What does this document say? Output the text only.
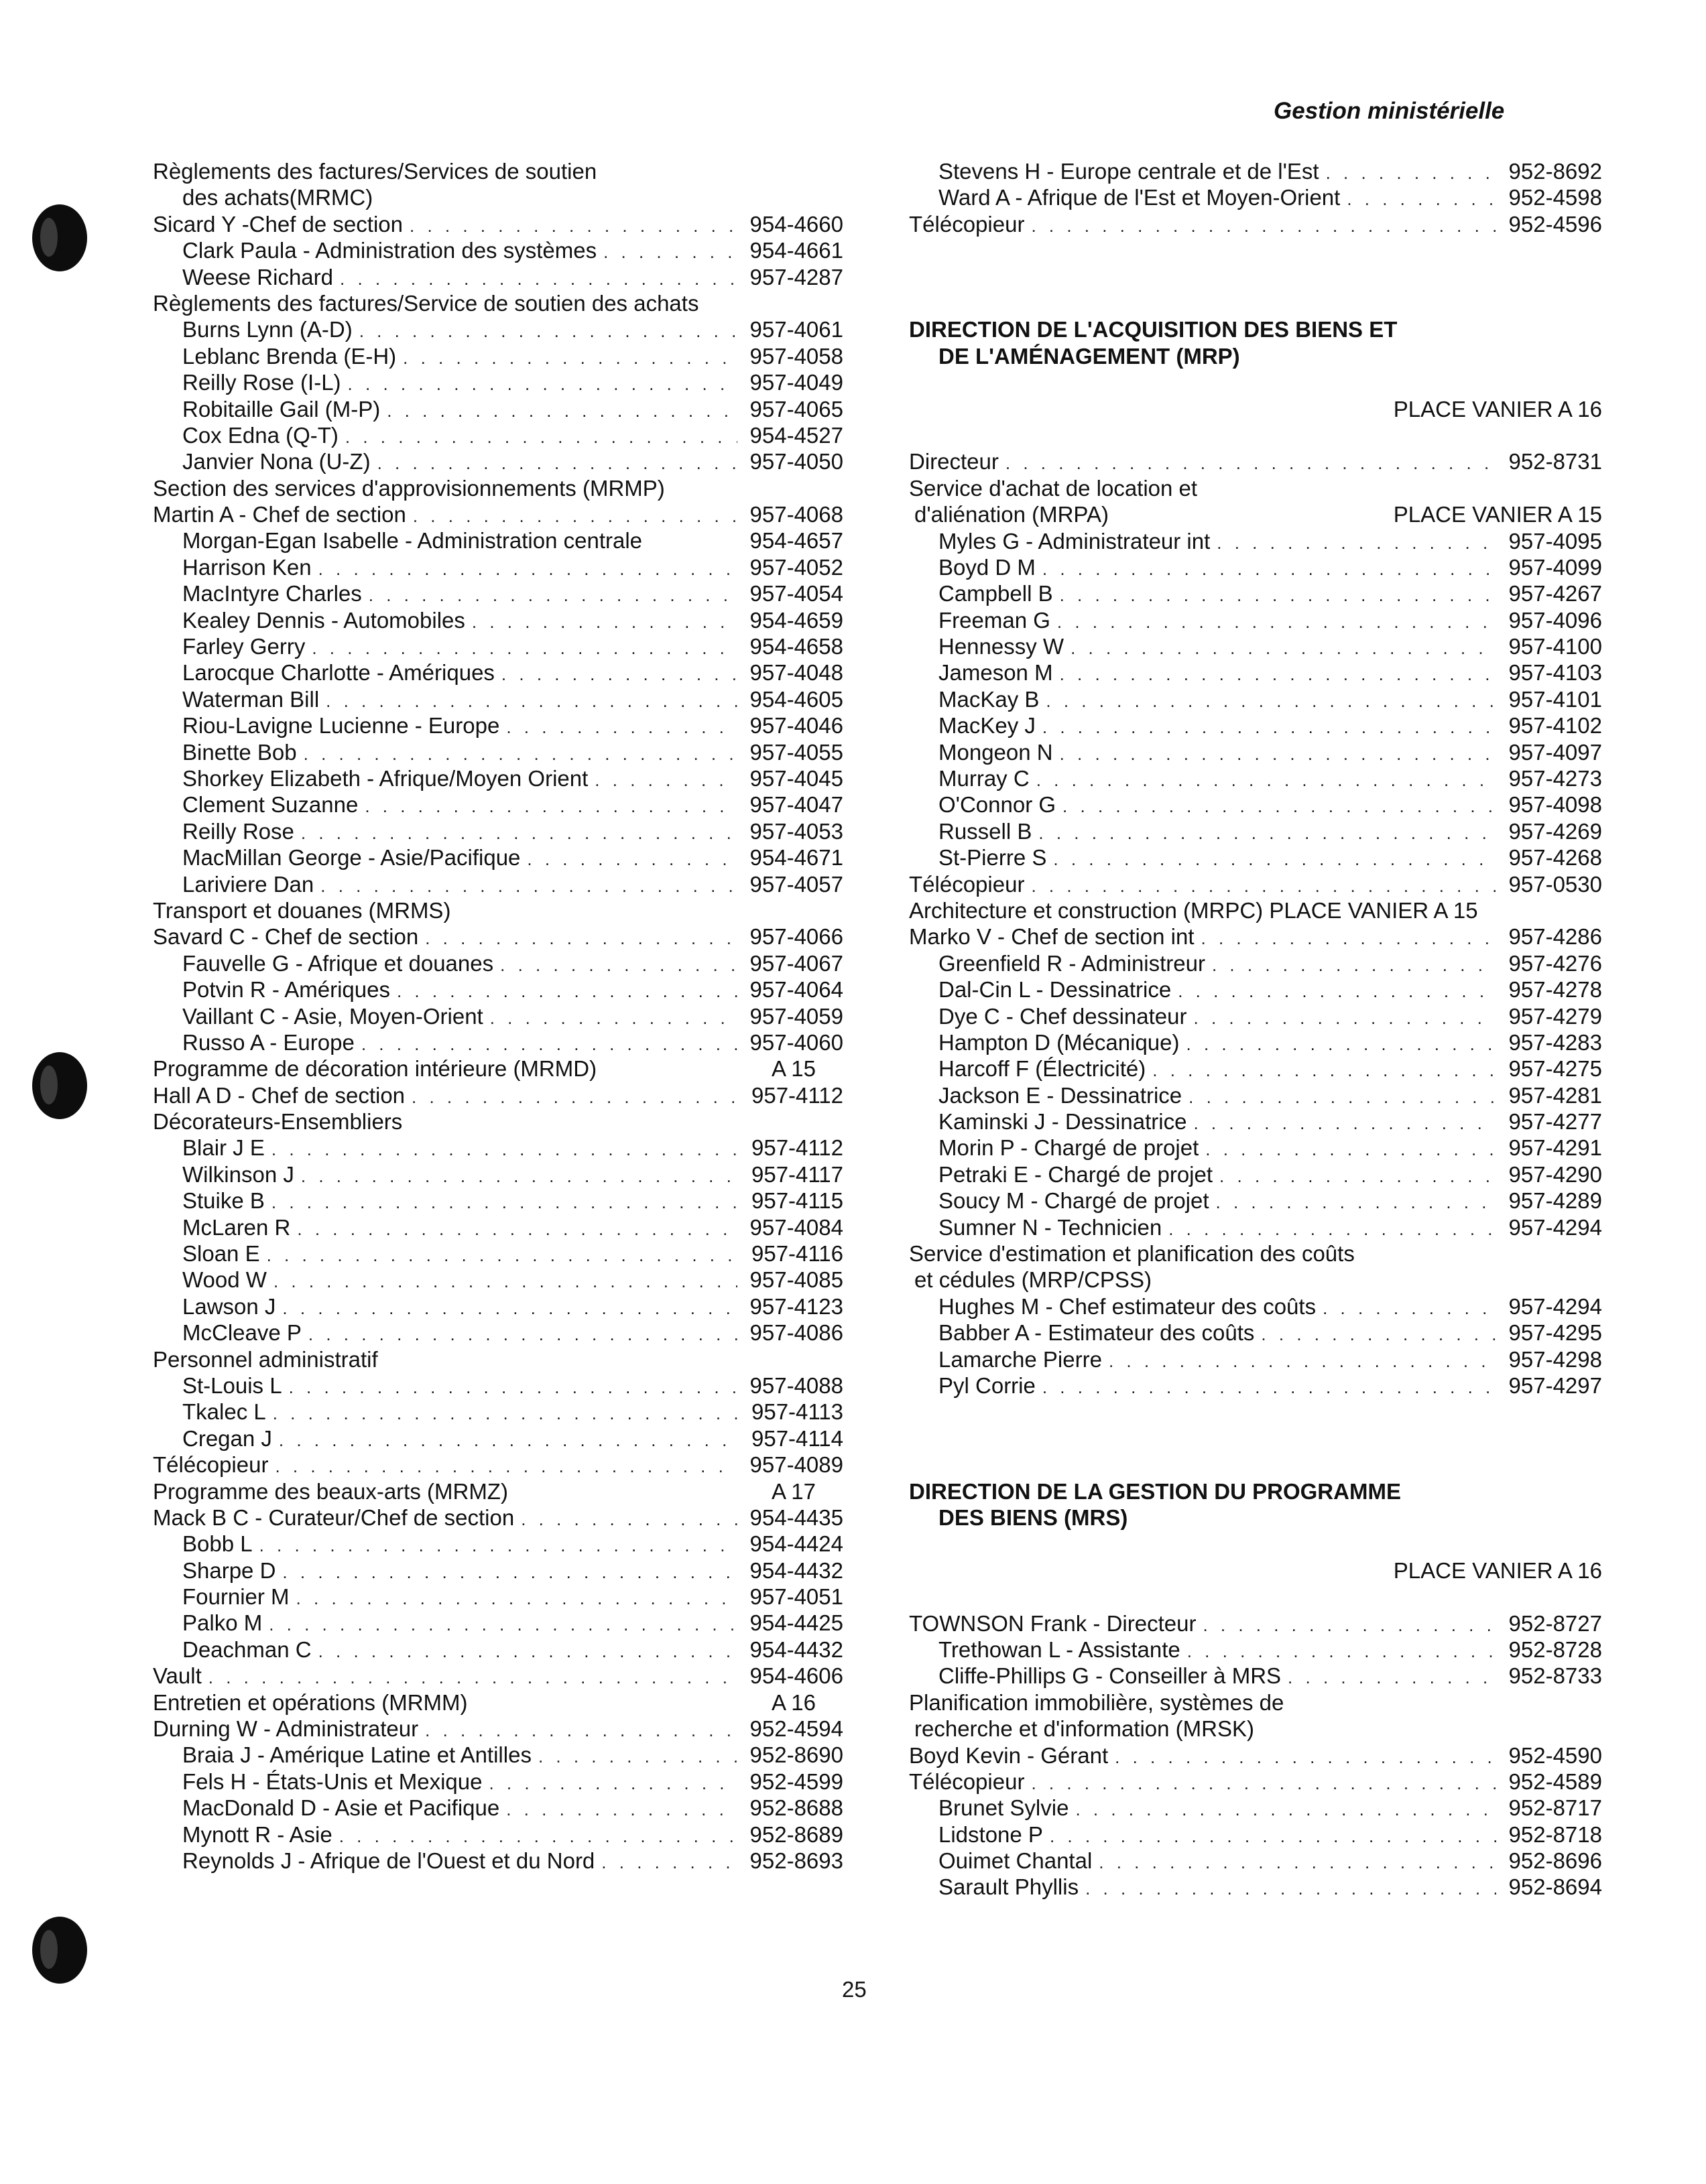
Gestion ministérielle
Règlements des factures/Services de soutien
des achats(MRMC)
Sicard Y -Chef de section . . .	954-4660
Clark Paula - Administration des systèmes . . .	954-4661
Weese Richard . . .	957-4287
Règlements des factures/Service de soutien des achats
Burns Lynn (A-D) . . .	957-4061
Leblanc Brenda (E-H) . . .	957-4058
Reilly Rose (I-L) . . .	957-4049
Robitaille Gail (M-P) . . .	957-4065
Cox Edna (Q-T) . . .	954-4527
Janvier Nona (U-Z) . . .	957-4050
Section des services d'approvisionnements (MRMP)
Martin A - Chef de section . . .	957-4068
Morgan-Egan Isabelle - Administration centrale	954-4657
Harrison Ken . . .	957-4052
MacIntyre Charles . . .	957-4054
Kealey Dennis - Automobiles . . .	954-4659
Farley Gerry . . .	954-4658
Larocque Charlotte - Amériques . . .	957-4048
Waterman Bill . . .	954-4605
Riou-Lavigne Lucienne - Europe . . .	957-4046
Binette Bob . . .	957-4055
Shorkey Elizabeth - Afrique/Moyen Orient . . .	957-4045
Clement Suzanne . . .	957-4047
Reilly Rose . . .	957-4053
MacMillan George - Asie/Pacifique . . .	954-4671
Lariviere Dan . . .	957-4057
Transport et douanes (MRMS)
Savard C - Chef de section . . .	957-4066
Fauvelle G - Afrique et douanes . . .	957-4067
Potvin R - Amériques . . .	957-4064
Vaillant C - Asie, Moyen-Orient . . .	957-4059
Russo A - Europe . . .	957-4060
Programme de décoration intérieure (MRMD)	A 15
Hall A D - Chef de section . . .	957-4112
Décorateurs-Ensembliers
Blair J E . . .	957-4112
Wilkinson J . . .	957-4117
Stuike B . . .	957-4115
McLaren R . . .	957-4084
Sloan E . . .	957-4116
Wood W . . .	957-4085
Lawson J . . .	957-4123
McCleave P . . .	957-4086
Personnel administratif
St-Louis L . . .	957-4088
Tkalec L . . .	957-4113
Cregan J . . .	957-4114
Télécopieur . . .	957-4089
Programme des beaux-arts (MRMZ)	A 17
Mack B C - Curateur/Chef de section . . .	954-4435
Bobb L . . .	954-4424
Sharpe D . . .	954-4432
Fournier M . . .	957-4051
Palko M . . .	954-4425
Deachman C . . .	954-4432
Vault . . .	954-4606
Entretien et opérations (MRMM)	A 16
Durning W - Administrateur . . .	952-4594
Braia J - Amérique Latine et Antilles . . .	952-8690
Fels H - États-Unis et Mexique . . .	952-4599
MacDonald D - Asie et Pacifique . . .	952-8688
Mynott R - Asie . . .	952-8689
Reynolds J - Afrique de l'Ouest et du Nord . . .	952-8693
Stevens H - Europe centrale et de l'Est . . .	952-8692
Ward A - Afrique de l'Est et Moyen-Orient . . .	952-4598
Télécopieur . . .	952-4596
DIRECTION DE L'ACQUISITION DES BIENS ET
DE L'AMÉNAGEMENT (MRP)
PLACE VANIER A 16
Directeur . . .	952-8731
Service d'achat de location et
d'aliénation (MRPA)	PLACE VANIER A 15
Myles G - Administrateur int . . .	957-4095
Boyd D M . . .	957-4099
Campbell B . . .	957-4267
Freeman G . . .	957-4096
Hennessy W . . .	957-4100
Jameson M . . .	957-4103
MacKay B . . .	957-4101
MacKey J . . .	957-4102
Mongeon N . . .	957-4097
Murray C . . .	957-4273
O'Connor G . . .	957-4098
Russell B . . .	957-4269
St-Pierre S . . .	957-4268
Télécopieur . . .	957-0530
Architecture et construction (MRPC) PLACE VANIER A 15
Marko V - Chef de section int . . .	957-4286
Greenfield R - Administreur . . .	957-4276
Dal-Cin L - Dessinatrice . . .	957-4278
Dye C - Chef dessinateur . . .	957-4279
Hampton D (Mécanique) . . .	957-4283
Harcoff F (Électricité) . . .	957-4275
Jackson E - Dessinatrice . . .	957-4281
Kaminski J - Dessinatrice . . .	957-4277
Morin P - Chargé de projet . . .	957-4291
Petraki E - Chargé de projet . . .	957-4290
Soucy M - Chargé de projet . . .	957-4289
Sumner N - Technicien . . .	957-4294
Service d'estimation et planification des coûts
et cédules (MRP/CPSS)
Hughes M - Chef estimateur des coûts . . .	957-4294
Babber A - Estimateur des coûts . . .	957-4295
Lamarche Pierre . . .	957-4298
Pyl Corrie . . .	957-4297
DIRECTION DE LA GESTION DU PROGRAMME
DES BIENS (MRS)
PLACE VANIER A 16
TOWNSON Frank - Directeur . . .	952-8727
Trethowan L - Assistante . . .	952-8728
Cliffe-Phillips G - Conseiller à MRS . . .	952-8733
Planification immobilière, systèmes de
recherche et d'information (MRSK)
Boyd Kevin - Gérant . . .	952-4590
Télécopieur . . .	952-4589
Brunet Sylvie . . .	952-8717
Lidstone P . . .	952-8718
Ouimet Chantal . . .	952-8696
Sarault Phyllis . . .	952-8694
25
